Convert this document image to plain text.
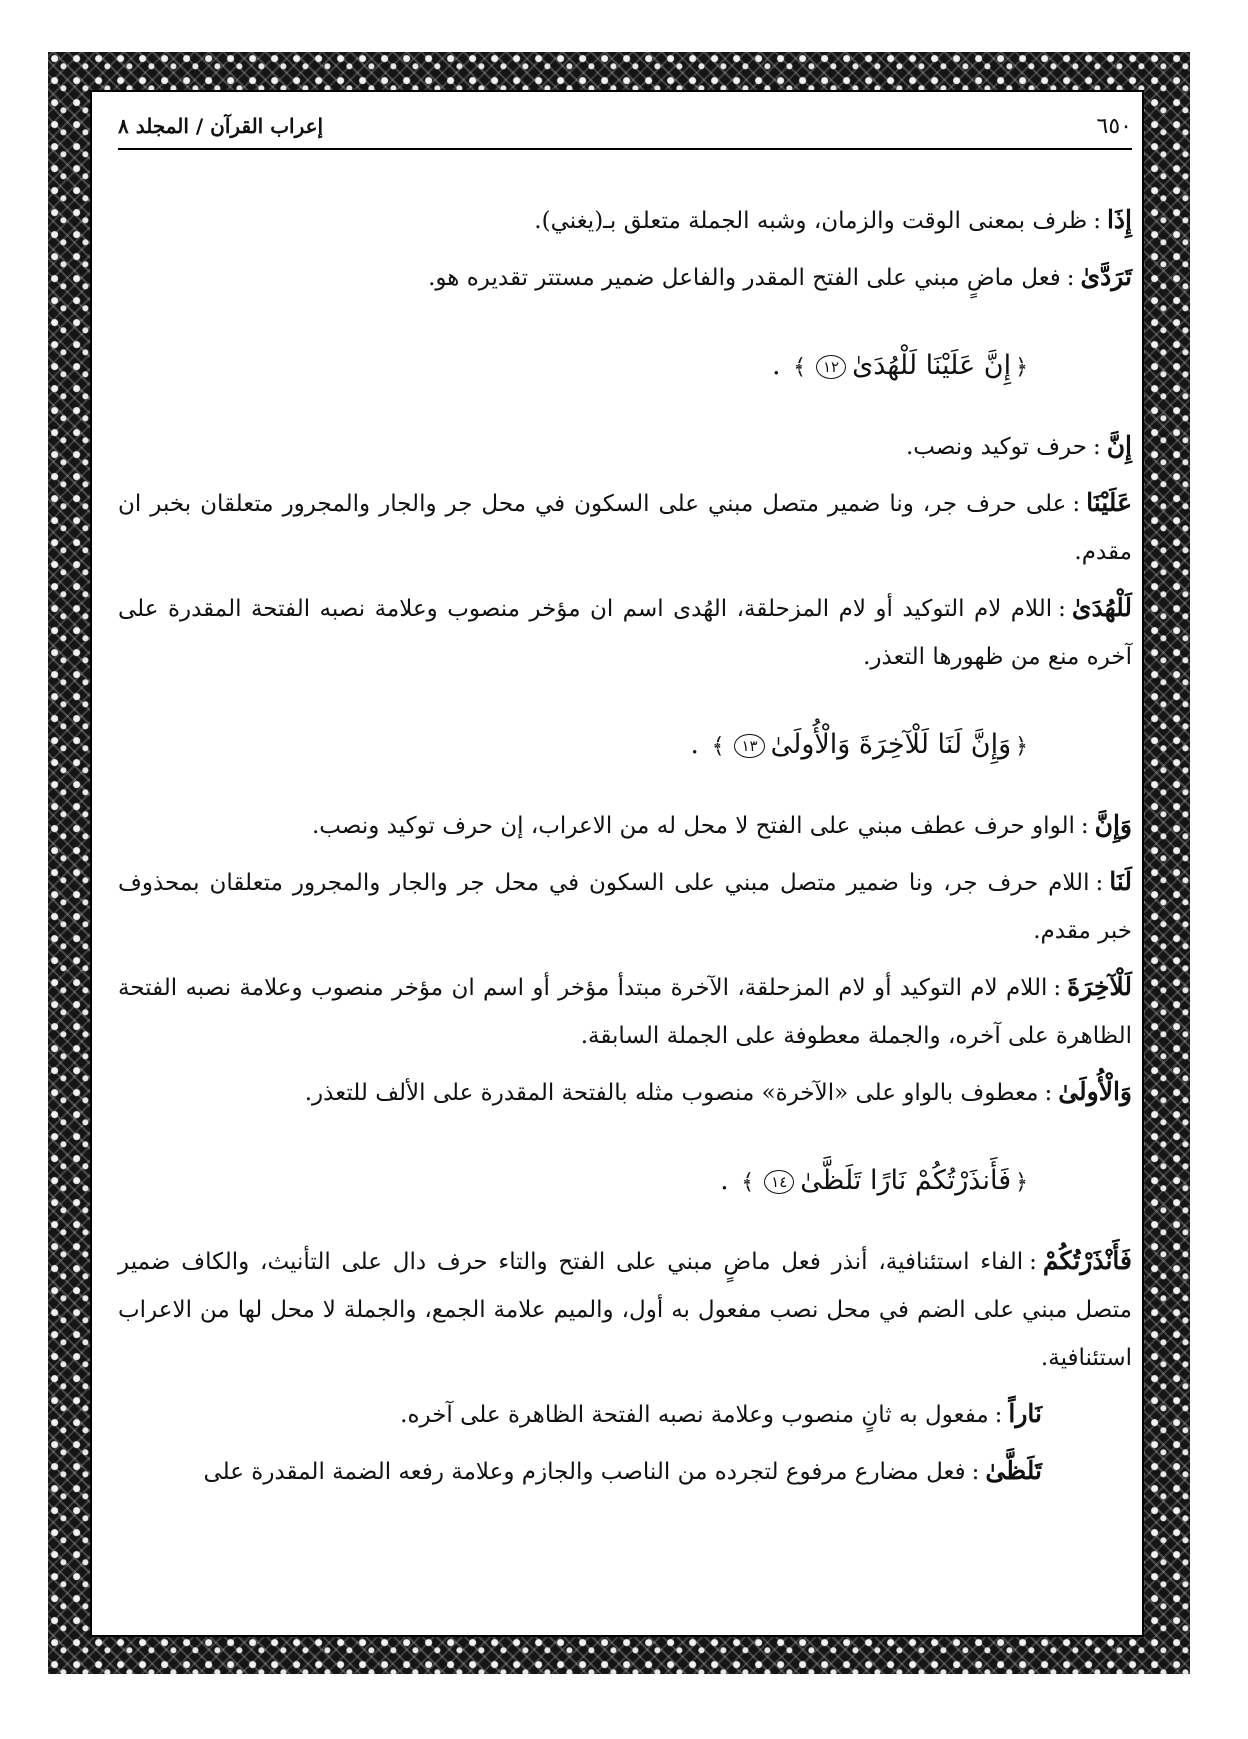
٦٥٠
إعراب القرآن / المجلد ٨

إِذَا:ظرف بمعنى الوقت والزمان، وشبه الجملة متعلق بـ(يغني).

تَرَدَّىٰ:فعل ماضٍ مبني على الفتح المقدر والفاعل ضمير مستتر تقديره هو.

﴿إِنَّ عَلَيْنَا لَلْهُدَىٰ١٢﴾ .

إِنَّ:حرف توكيد ونصب.

عَلَيْنَا:على حرف جر، ونا ضمير متصل مبني على السكون في محل جر والجار والمجرور متعلقان بخبر ان مقدم.

لَلْهُدَىٰ:اللام لام التوكيد أو لام المزحلقة، الهُدى اسم ان مؤخر منصوب وعلامة نصبه الفتحة المقدرة على آخره منع من ظهورها التعذر.

﴿وَإِنَّ لَنَا لَلْآخِرَةَ وَالْأُولَىٰ١٣﴾ .

وَإِنَّ:الواو حرف عطف مبني على الفتح لا محل له من الاعراب، إن حرف توكيد ونصب.

لَنَا:اللام حرف جر، ونا ضمير متصل مبني على السكون في محل جر والجار والمجرور متعلقان بمحذوف خبر مقدم.

لَلْآخِرَةَ:اللام لام التوكيد أو لام المزحلقة، الآخرة مبتدأ مؤخر أو اسم ان مؤخر منصوب وعلامة نصبه الفتحة الظاهرة على آخره، والجملة معطوفة على الجملة السابقة.

وَالْأُولَىٰ:معطوف بالواو على «الآخرة» منصوب مثله بالفتحة المقدرة على الألف للتعذر.

﴿فَأَنذَرْتُكُمْ نَارًا تَلَظَّىٰ١٤﴾ .

فَأَنْذَرْتُكُمْ:الفاء استئنافية، أنذر فعل ماضٍ مبني على الفتح والتاء حرف دال على التأنيث، والكاف ضمير متصل مبني على الضم في محل نصب مفعول به أول، والميم علامة الجمع، والجملة لا محل لها من الاعراب استئنافية.

نَاراً:مفعول به ثانٍ منصوب وعلامة نصبه الفتحة الظاهرة على آخره.

تَلَظَّىٰ:فعل مضارع مرفوع لتجرده من الناصب والجازم وعلامة رفعه الضمة المقدرة على
